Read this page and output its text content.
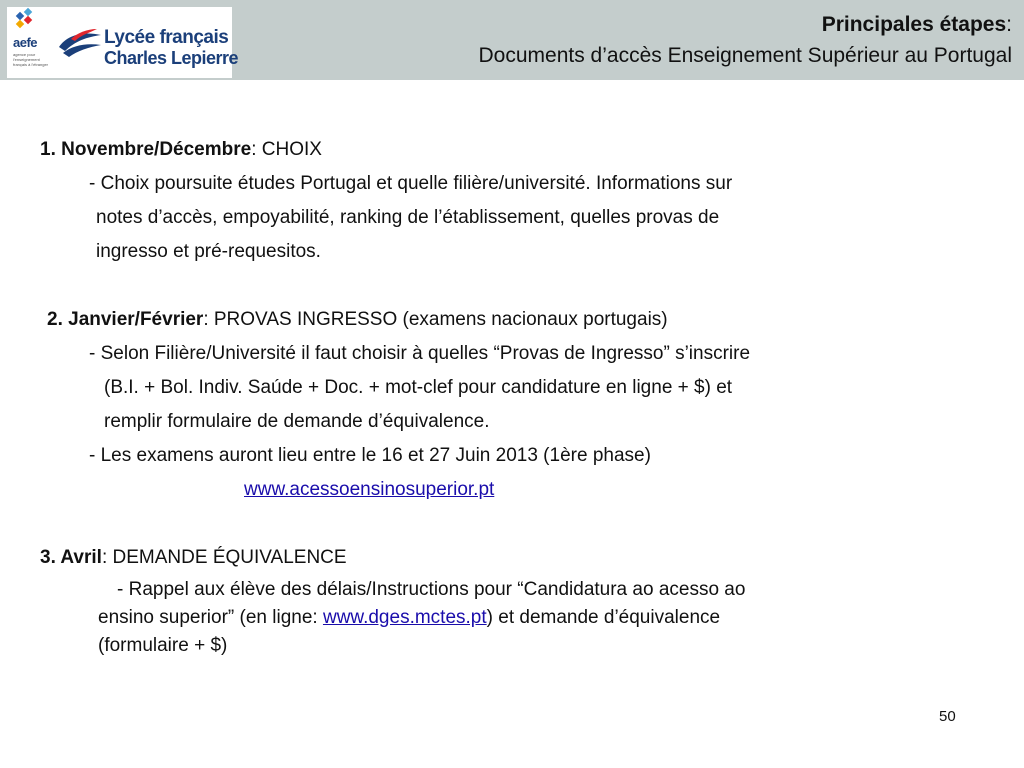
aefe
agence pour l'enseignement français à l'étranger
Lycée français
Charles Lepierre
Principales étapes:
Documents d’accès Enseignement Supérieur au Portugal
1. Novembre/Décembre: CHOIX
- Choix poursuite études Portugal et quelle filière/université. Informations sur
notes d’accès, empoyabilité, ranking de l’établissement, quelles provas de
ingresso et pré-requesitos.
2. Janvier/Février: PROVAS INGRESSO (examens nacionaux portugais)
- Selon Filière/Université il faut choisir à quelles “Provas de Ingresso” s’inscrire
(B.I. + Bol. Indiv. Saúde + Doc. + mot-clef pour candidature en ligne + $) et
remplir formulaire de demande d’équivalence.
- Les examens auront lieu entre le 16 et 27 Juin 2013 (1ère phase)
www.acessoensinosuperior.pt
3. Avril: DEMANDE ÉQUIVALENCE
- Rappel aux élève des délais/Instructions pour “Candidatura ao acesso ao
ensino superior” (en ligne: www.dges.mctes.pt) et demande d’équivalence
(formulaire + $)
50
